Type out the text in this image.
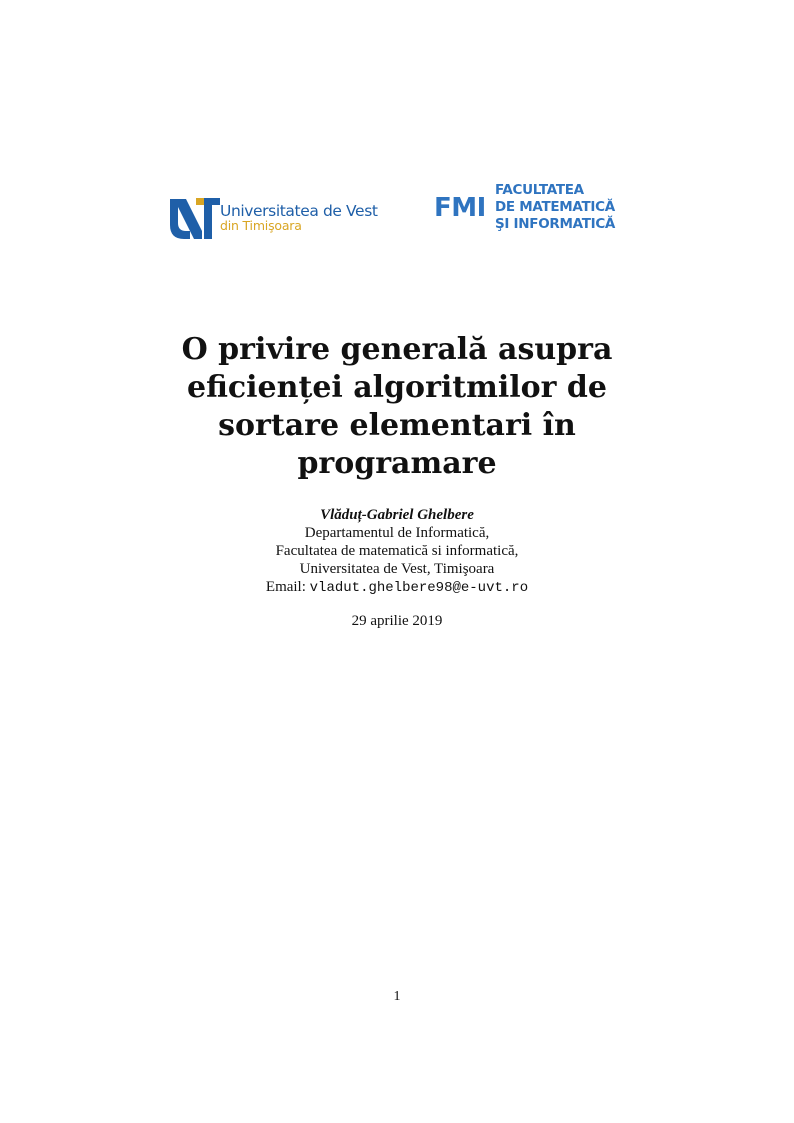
Universitatea de Vest
din Timişoara
FMI
FACULTATEA
DE MATEMATICĂ
ŞI INFORMATICĂ
O privire generală asupra
eficienței algoritmilor de
sortare elementari în
programare
Vlăduț-Gabriel Ghelbere
Departamentul de Informatică,
Facultatea de matematică si informatică,
Universitatea de Vest, Timişoara
Email: vladut.ghelbere98@e-uvt.ro
29 aprilie 2019
1
